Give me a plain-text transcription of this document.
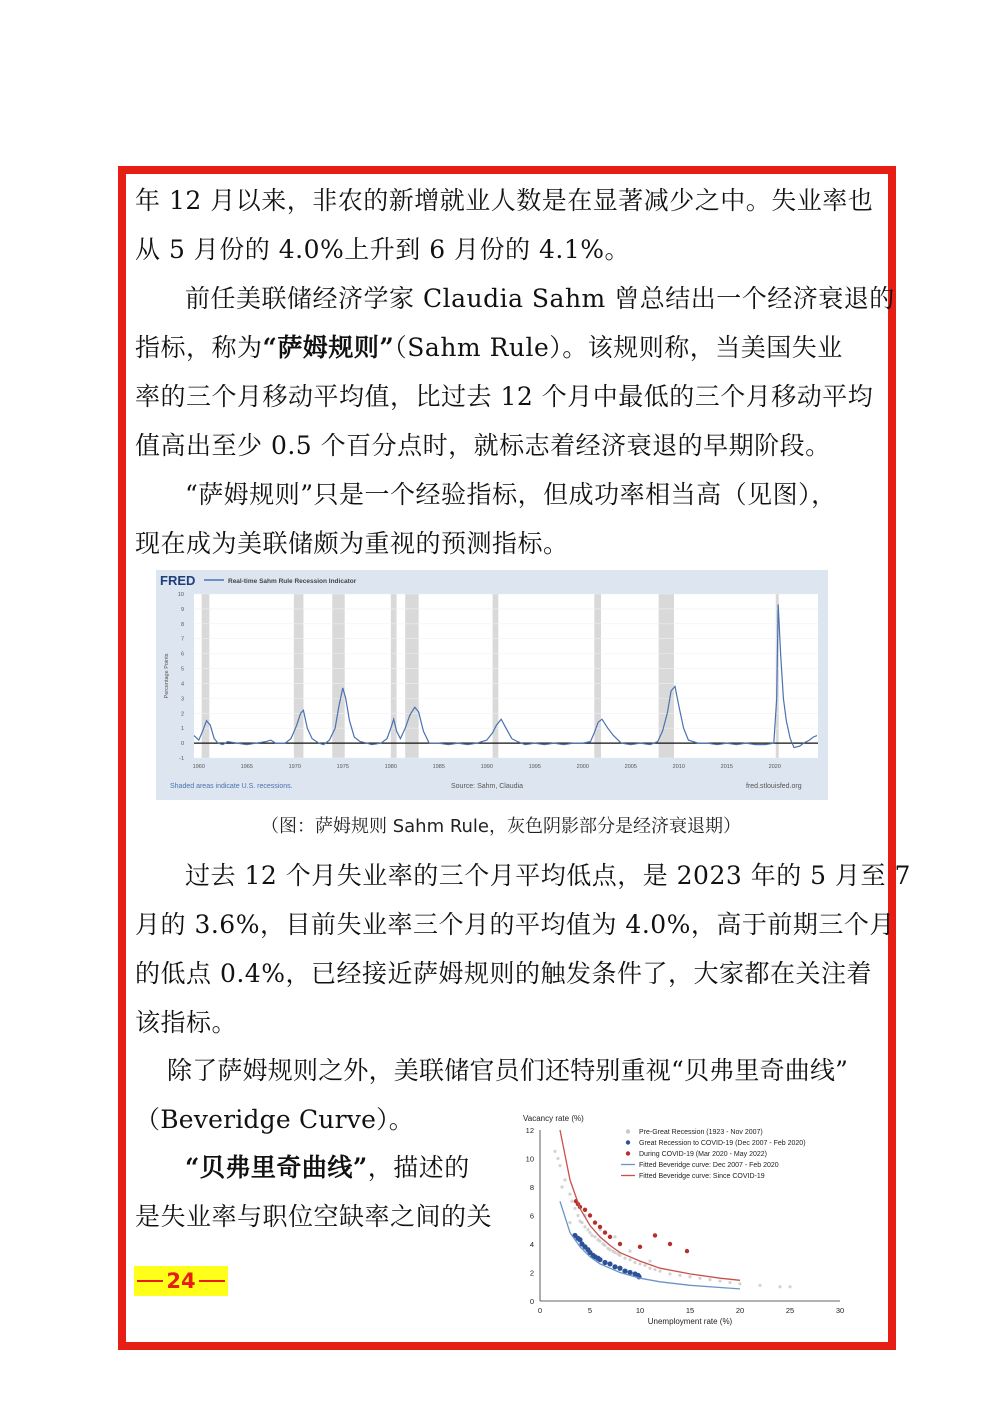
年 12 月以来，非农的新增就业人数是在显著减少之中。失业率也
从 5 月份的 4.0%上升到 6 月份的 4.1%。

前任美联储经济学家 Claudia Sahm 曾总结出一个经济衰退的
指标，称为“萨姆规则”（Sahm Rule）。该规则称，当美国失业
率的三个月移动平均值，比过去 12 个月中最低的三个月移动平均
值高出至少 0.5 个百分点时，就标志着经济衰退的早期阶段。

“萨姆规则”只是一个经验指标，但成功率相当高（见图），
现在成为美联储颇为重视的预测指标。

FRED	Real-time Sahm Rule Recession Indicator
-1
0
1
2
3
4
5
6
7
8
9
10
1960	1965	1970	1975	1980	1985	1990	1995	2000	2005	2010	2015	2020
Percentage Points
Shaded areas indicate U.S. recessions.	Source: Sahm, Claudia	fred.stlouisfed.org
（图：萨姆规则 Sahm Rule，灰色阴影部分是经济衰退期）

过去 12 个月失业率的三个月平均低点，是 2023 年的 5 月至 7
月的 3.6%，目前失业率三个月的平均值为 4.0%，高于前期三个月
的低点 0.4%，已经接近萨姆规则的触发条件了，大家都在关注着
该指标。

除了萨姆规则之外，美联储官员们还特别重视“贝弗里奇曲线”
（Beveridge Curve）。

“贝弗里奇曲线”，描述的
是失业率与职位空缺率之间的关

Vacancy rate (%)
0
2
4
6
8
10
12
0	5	10	15	20	25	30
Unemployment rate (%)
Pre-Great Recession (1923 - Nov 2007)
Great Recession to COVID-19 (Dec 2007 - Feb 2020)
During COVID-19 (Mar 2020 - May 2022)
Fitted Beveridge curve: Dec 2007 - Feb 2020
Fitted Beveridge curve: Since COVID-19
24
